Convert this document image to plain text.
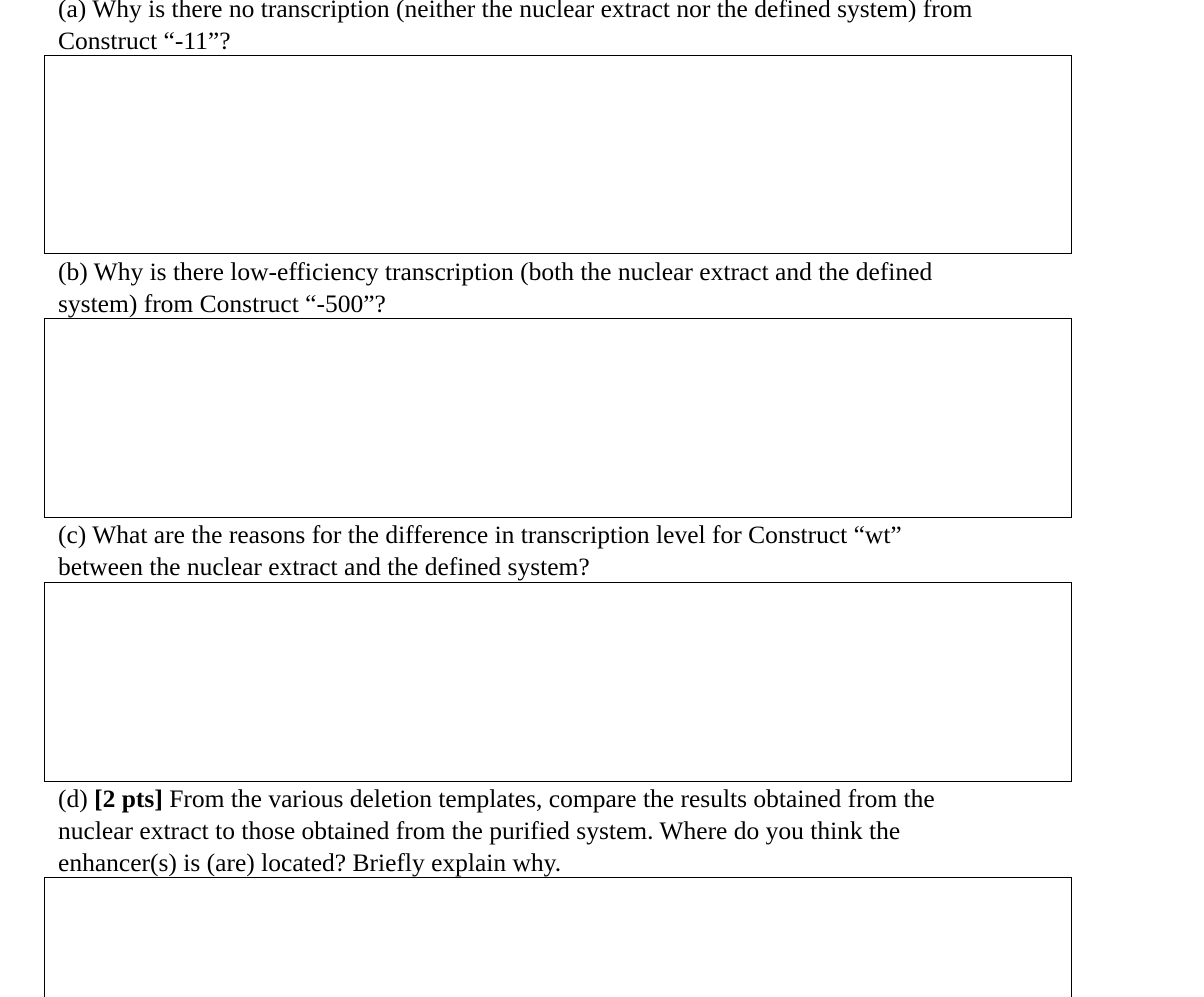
(a) Why is there no transcription (neither the nuclear extract nor the defined system) from
Construct “-11”?
(b) Why is there low-efficiency transcription (both the nuclear extract and the defined
system) from Construct “-500”?
(c) What are the reasons for the difference in transcription level for Construct “wt”
between the nuclear extract and the defined system?
(d) [2 pts] From the various deletion templates, compare the results obtained from the
nuclear extract to those obtained from the purified system. Where do you think the
enhancer(s) is (are) located? Briefly explain why.
